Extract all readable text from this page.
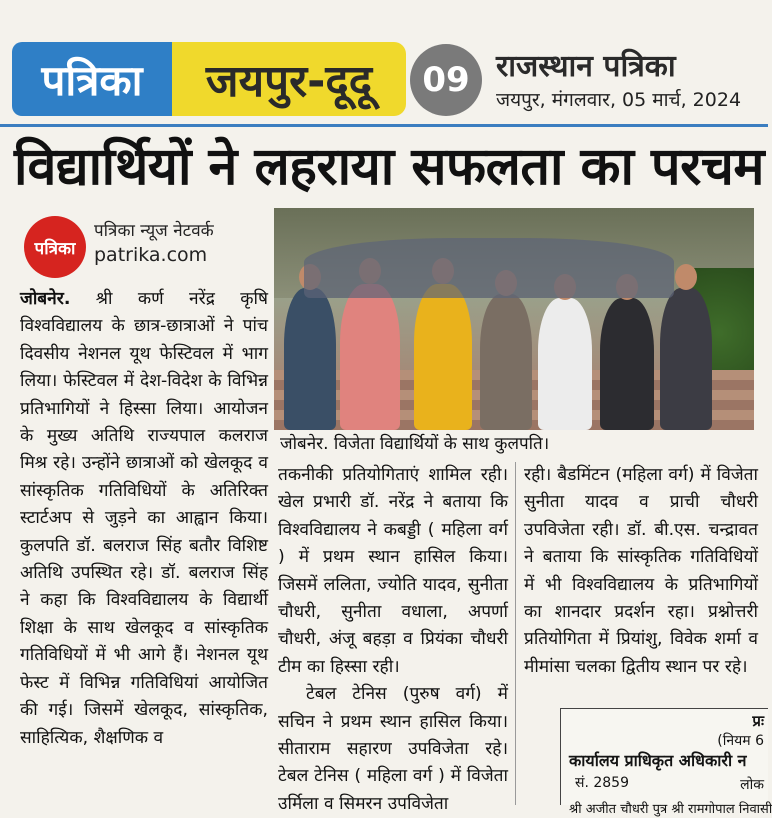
पत्रिका	जयपुर-दूदू	09 राजस्थान पत्रिका
जयपुर, मंगलवार, 05 मार्च, 2024
विद्यार्थियों ने लहराया सफलता का परचम
पत्रिका
पत्रिका न्यूज नेटवर्क
patrika.com
जोबनेर. विजेता विद्यार्थियों के साथ कुलपति।

जोबनेर. श्री कर्ण नरेंद्र कृषि विश्वविद्यालय के छात्र-छात्राओं ने पांच दिवसीय नेशनल यूथ फेस्टिवल में भाग लिया। फेस्टिवल में देश-विदेश के विभिन्न प्रतिभागियों ने हिस्सा लिया। आयोजन के मुख्य अतिथि राज्यपाल कलराज मिश्र रहे। उन्होंने छात्राओं को खेलकूद व सांस्कृतिक गतिविधियों के अतिरिक्त स्टार्टअप से जुड़ने का आह्वान किया। कुलपति डॉ. बलराज सिंह बतौर विशिष्ट अतिथि उपस्थित रहे। डॉ. बलराज सिंह ने कहा कि विश्वविद्यालय के विद्यार्थी शिक्षा के साथ खेलकूद व सांस्कृतिक गतिविधियों में भी आगे हैं। नेशनल यूथ फेस्ट में विभिन्न गतिविधियां आयोजित की गई। जिसमें खेलकूद, सांस्कृतिक, साहित्यिक, शैक्षणिक व

तकनीकी प्रतियोगिताएं शामिल रही। खेल प्रभारी डॉ. नरेंद्र ने बताया कि विश्वविद्यालय ने कबड्डी ( महिला वर्ग ) में प्रथम स्थान हासिल किया। जिसमें ललिता, ज्योति यादव, सुनीता चौधरी, सुनीता वधाला, अपर्णा चौधरी, अंजू बहड़ा व प्रियंका चौधरी टीम का हिस्सा रही।

टेबल टेनिस (पुरुष वर्ग) में सचिन ने प्रथम स्थान हासिल किया। सीताराम सहारण उपविजेता रहे। टेबल टेनिस ( महिला वर्ग ) में विजेता उर्मिला व सिमरन उपविजेता

रही। बैडमिंटन (महिला वर्ग) में विजेता सुनीता यादव व प्राची चौधरी उपविजेता रही। डॉ. बी.एस. चन्द्रावत ने बताया कि सांस्कृतिक गतिविधियों में भी विश्वविद्यालय के प्रतिभागियों का शानदार प्रदर्शन रहा। प्रश्नोत्तरी प्रतियोगिता में प्रियांशु, विवेक शर्मा व मीमांसा चलका द्वितीय स्थान पर रहे।

प्रः
(नियम 6
कार्यालय प्राधिकृत अधिकारी न
सं. 2859	लोक
श्री अजीत चौधरी पुत्र श्री रामगोपाल निवासी
